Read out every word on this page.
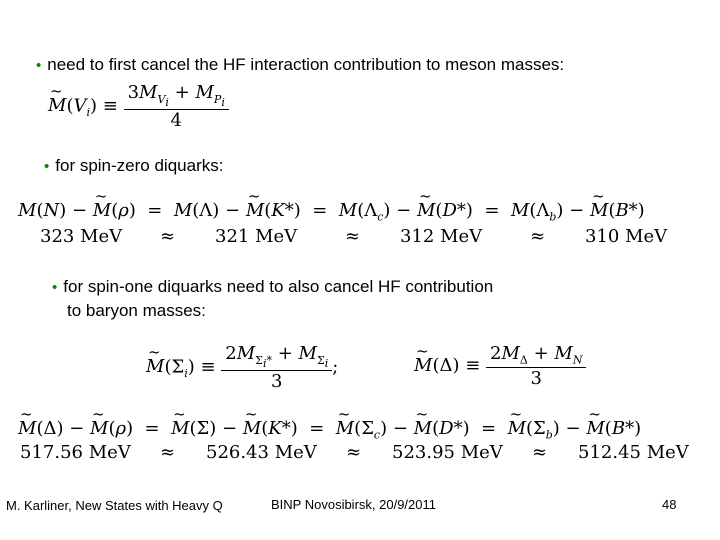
• need to first cancel the HF interaction contribution to meson masses:
~ $M(V_i) \equiv \frac{3M_{V_i} + M_{P_i}}{4}$
• for spin-zero diquarks:
M(N) − ~ M(ρ)  =  M(Λ) − ~ $M(K*) = M(\Lambda_c)$ − ~ $M(D*) = M(\Lambda_b)$ − ~ M(B*)
323 MeV	≈	321 MeV	≈	312 MeV	≈	310 MeV
• for spin-one diquarks need to also cancel HF contribution
to baryon masses:
~ $M(\Sigma_i) \equiv \frac{2M_{\Sigma_i*} + M_{\Sigma_i}}{3}$ ;
~	$M(\Delta) \equiv \frac{2M_\Delta + M_N}{3}$
~ M(Δ) − ~ M(ρ)  =  ~ M(Σ) − ~ M(K*)  =  ~ $M(\Sigma_c)$ − ~ M(D*)  =  ~ $M(\Sigma_b)$ − ~ M(B*)
517.56 MeV	≈	526.43 MeV	≈	523.95 MeV	≈	512.45 MeV
M. Karliner, New States with Heavy Q	BINP Novosibirsk, 20/9/2011	48
